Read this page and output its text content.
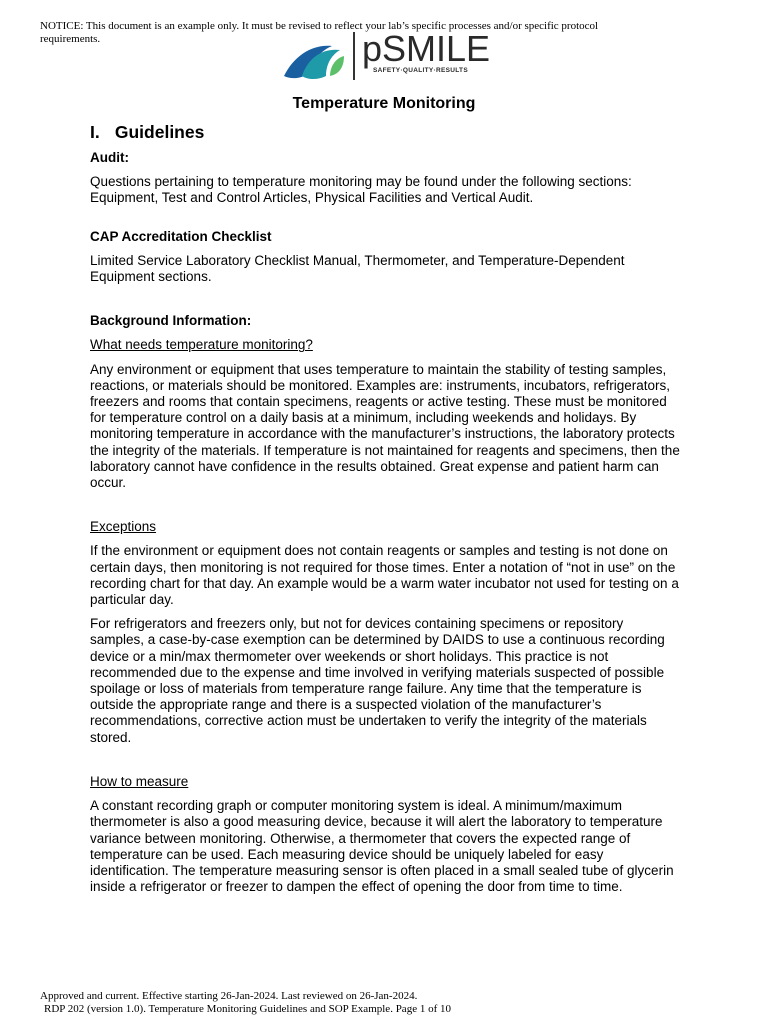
NOTICE: This document is an example only. It must be revised to reflect your lab’s specific processes and/or specific protocol requirements.	pSMILE
SAFETY·QUALITY·RESULTS
Temperature Monitoring
I. Guidelines
Audit:

Questions pertaining to temperature monitoring may be found under the following sections: Equipment, Test and Control Articles, Physical Facilities and Vertical Audit.

CAP Accreditation Checklist

Limited Service Laboratory Checklist Manual, Thermometer, and Temperature-Dependent Equipment sections.

Background Information:
What needs temperature monitoring?

Any environment or equipment that uses temperature to maintain the stability of testing samples, reactions, or materials should be monitored. Examples are: instruments, incubators, refrigerators, freezers and rooms that contain specimens, reagents or active testing. These must be monitored for temperature control on a daily basis at a minimum, including weekends and holidays. By monitoring temperature in accordance with the manufacturer’s instructions, the laboratory protects the integrity of the materials. If temperature is not maintained for reagents and specimens, then the laboratory cannot have confidence in the results obtained. Great expense and patient harm can occur.

Exceptions

If the environment or equipment does not contain reagents or samples and testing is not done on certain days, then monitoring is not required for those times. Enter a notation of “not in use” on the recording chart for that day. An example would be a warm water incubator not used for testing on a particular day.

For refrigerators and freezers only, but not for devices containing specimens or repository samples, a case-by-case exemption can be determined by DAIDS to use a continuous recording device or a min/max thermometer over weekends or short holidays. This practice is not recommended due to the expense and time involved in verifying materials suspected of possible spoilage or loss of materials from temperature range failure. Any time that the temperature is outside the appropriate range and there is a suspected violation of the manufacturer’s recommendations, corrective action must be undertaken to verify the integrity of the materials stored.

How to measure

A constant recording graph or computer monitoring system is ideal. A minimum/maximum thermometer is also a good measuring device, because it will alert the laboratory to temperature variance between monitoring. Otherwise, a thermometer that covers the expected range of temperature can be used. Each measuring device should be uniquely labeled for easy identification. The temperature measuring sensor is often placed in a small sealed tube of glycerin inside a refrigerator or freezer to dampen the effect of opening the door from time to time.

Approved and current. Effective starting 26-Jan-2024. Last reviewed on 26-Jan-2024.
RDP 202 (version 1.0). Temperature Monitoring Guidelines and SOP Example. Page 1 of 10
